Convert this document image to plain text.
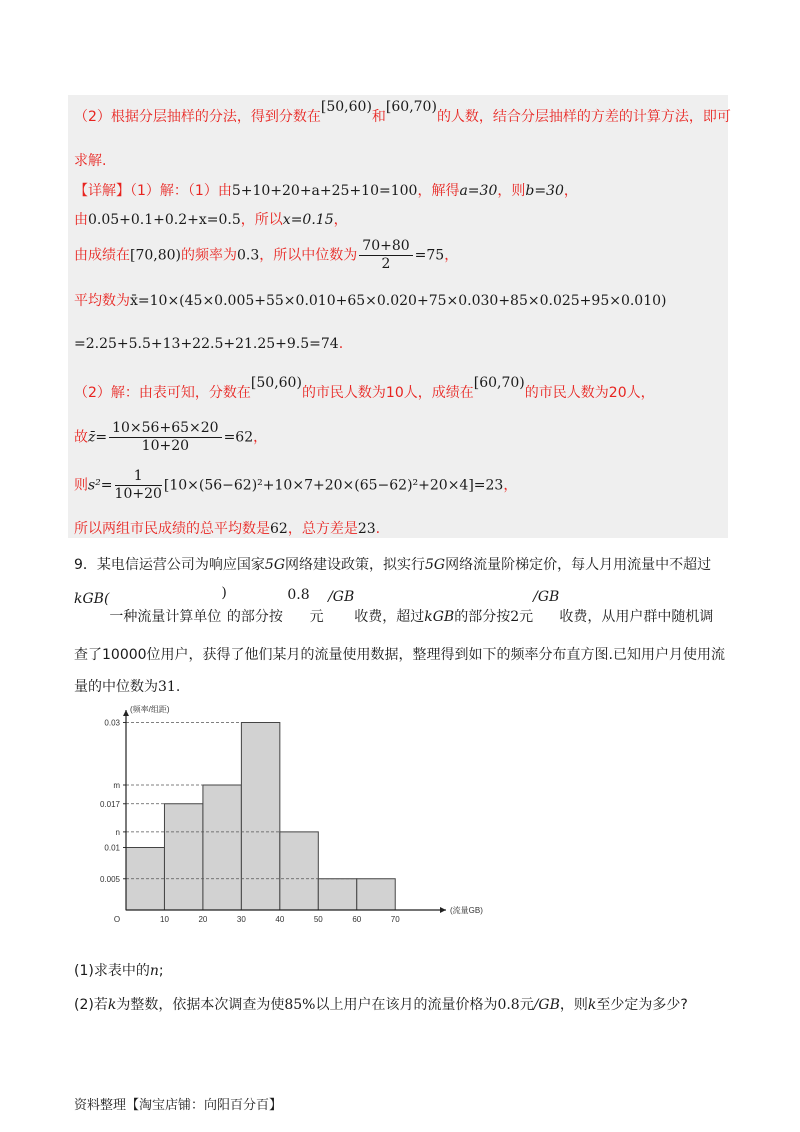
（2）根据分层抽样的分法，得到分数在[50,60)和[60,70)的人数，结合分层抽样的方差的计算方法，即可
求解.
【详解】（1）解：（1）由5+10+20+a+25+10=100，解得a=30，则b=30，
由0.05+0.1+0.2+x=0.5，所以x=0.15，
由成绩在[70,80)的频率为0.3，所以中位数为 $\frac{70+80}{2} =75$，
平均数为x̄=10×(45×0.005+55×0.010+65×0.020+75×0.030+85×0.025+95×0.010)
=2.25+5.5+13+22.5+21.25+9.5=74.
（2）解：由表可知，分数在[50,60)的市民人数为10人，成绩在[60,70)的市民人数为20人，
故z̄= $\frac{10\times 56+65\times 20}{10+20} =62$，
则$s^2= \frac{1}{10+20} [10\times(56-62)^2+10\times 7+20\times(65-62)^2+20\times 4]=23$，
所以两组市民成绩的总平均数是62，总方差是23.
9．某电信运营公司为响应国家5G网络建设政策，拟实行5G网络流量阶梯定价，每人月用流量中不超过
kGB(一种流量计算单位)的部分按 0.8元 /GB收费，超过kGB的部分按2元/GB收费，从用户群中随机调
查了10000位用户，获得了他们某月的流量使用数据，整理得到如下的频率分布直方图.已知用户月使用流
量的中位数为31.
0.03
m
0.017
n
0.01
0.005
10	20	30	40	50	60	70
O
(频率/组距)
(流量GB)
(1)求表中的n;
(2)若k为整数，依据本次调查为使85%以上用户在该月的流量价格为0.8元/GB，则k至少定为多少?
资料整理【淘宝店铺：向阳百分百】
